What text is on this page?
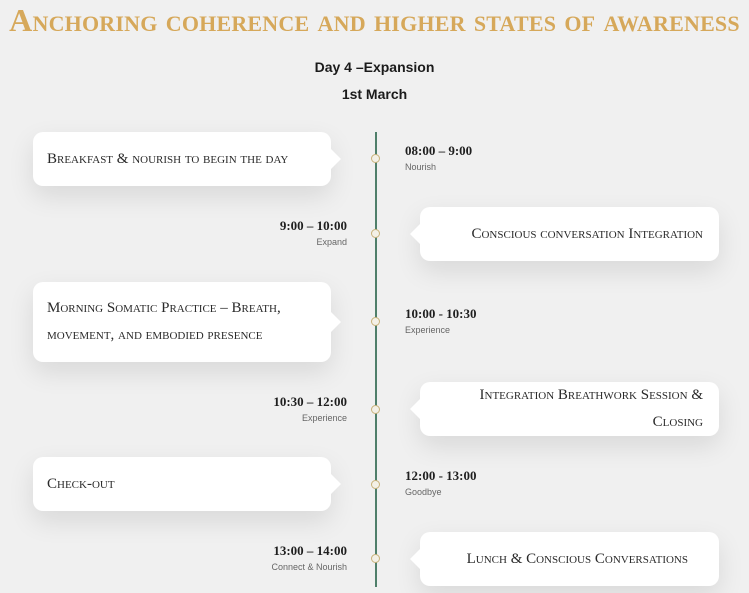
Anchoring coherence and higher states of awareness
Day 4 –Expansion
1st March
Breakfast & nourish to begin the day	08:00 – 9:00
Nourish
Conscious conversation Integration
9:00 – 10:00
Expand
Morning Somatic Practice – Breath, movement, and embodied presence
10:00 - 10:30
Experience
Integration Breathwork Session & Closing
10:30 – 12:00
Experience
Check-out	12:00 - 13:00
Goodbye
Lunch & Conscious Conversations
13:00 – 14:00
Connect & Nourish
